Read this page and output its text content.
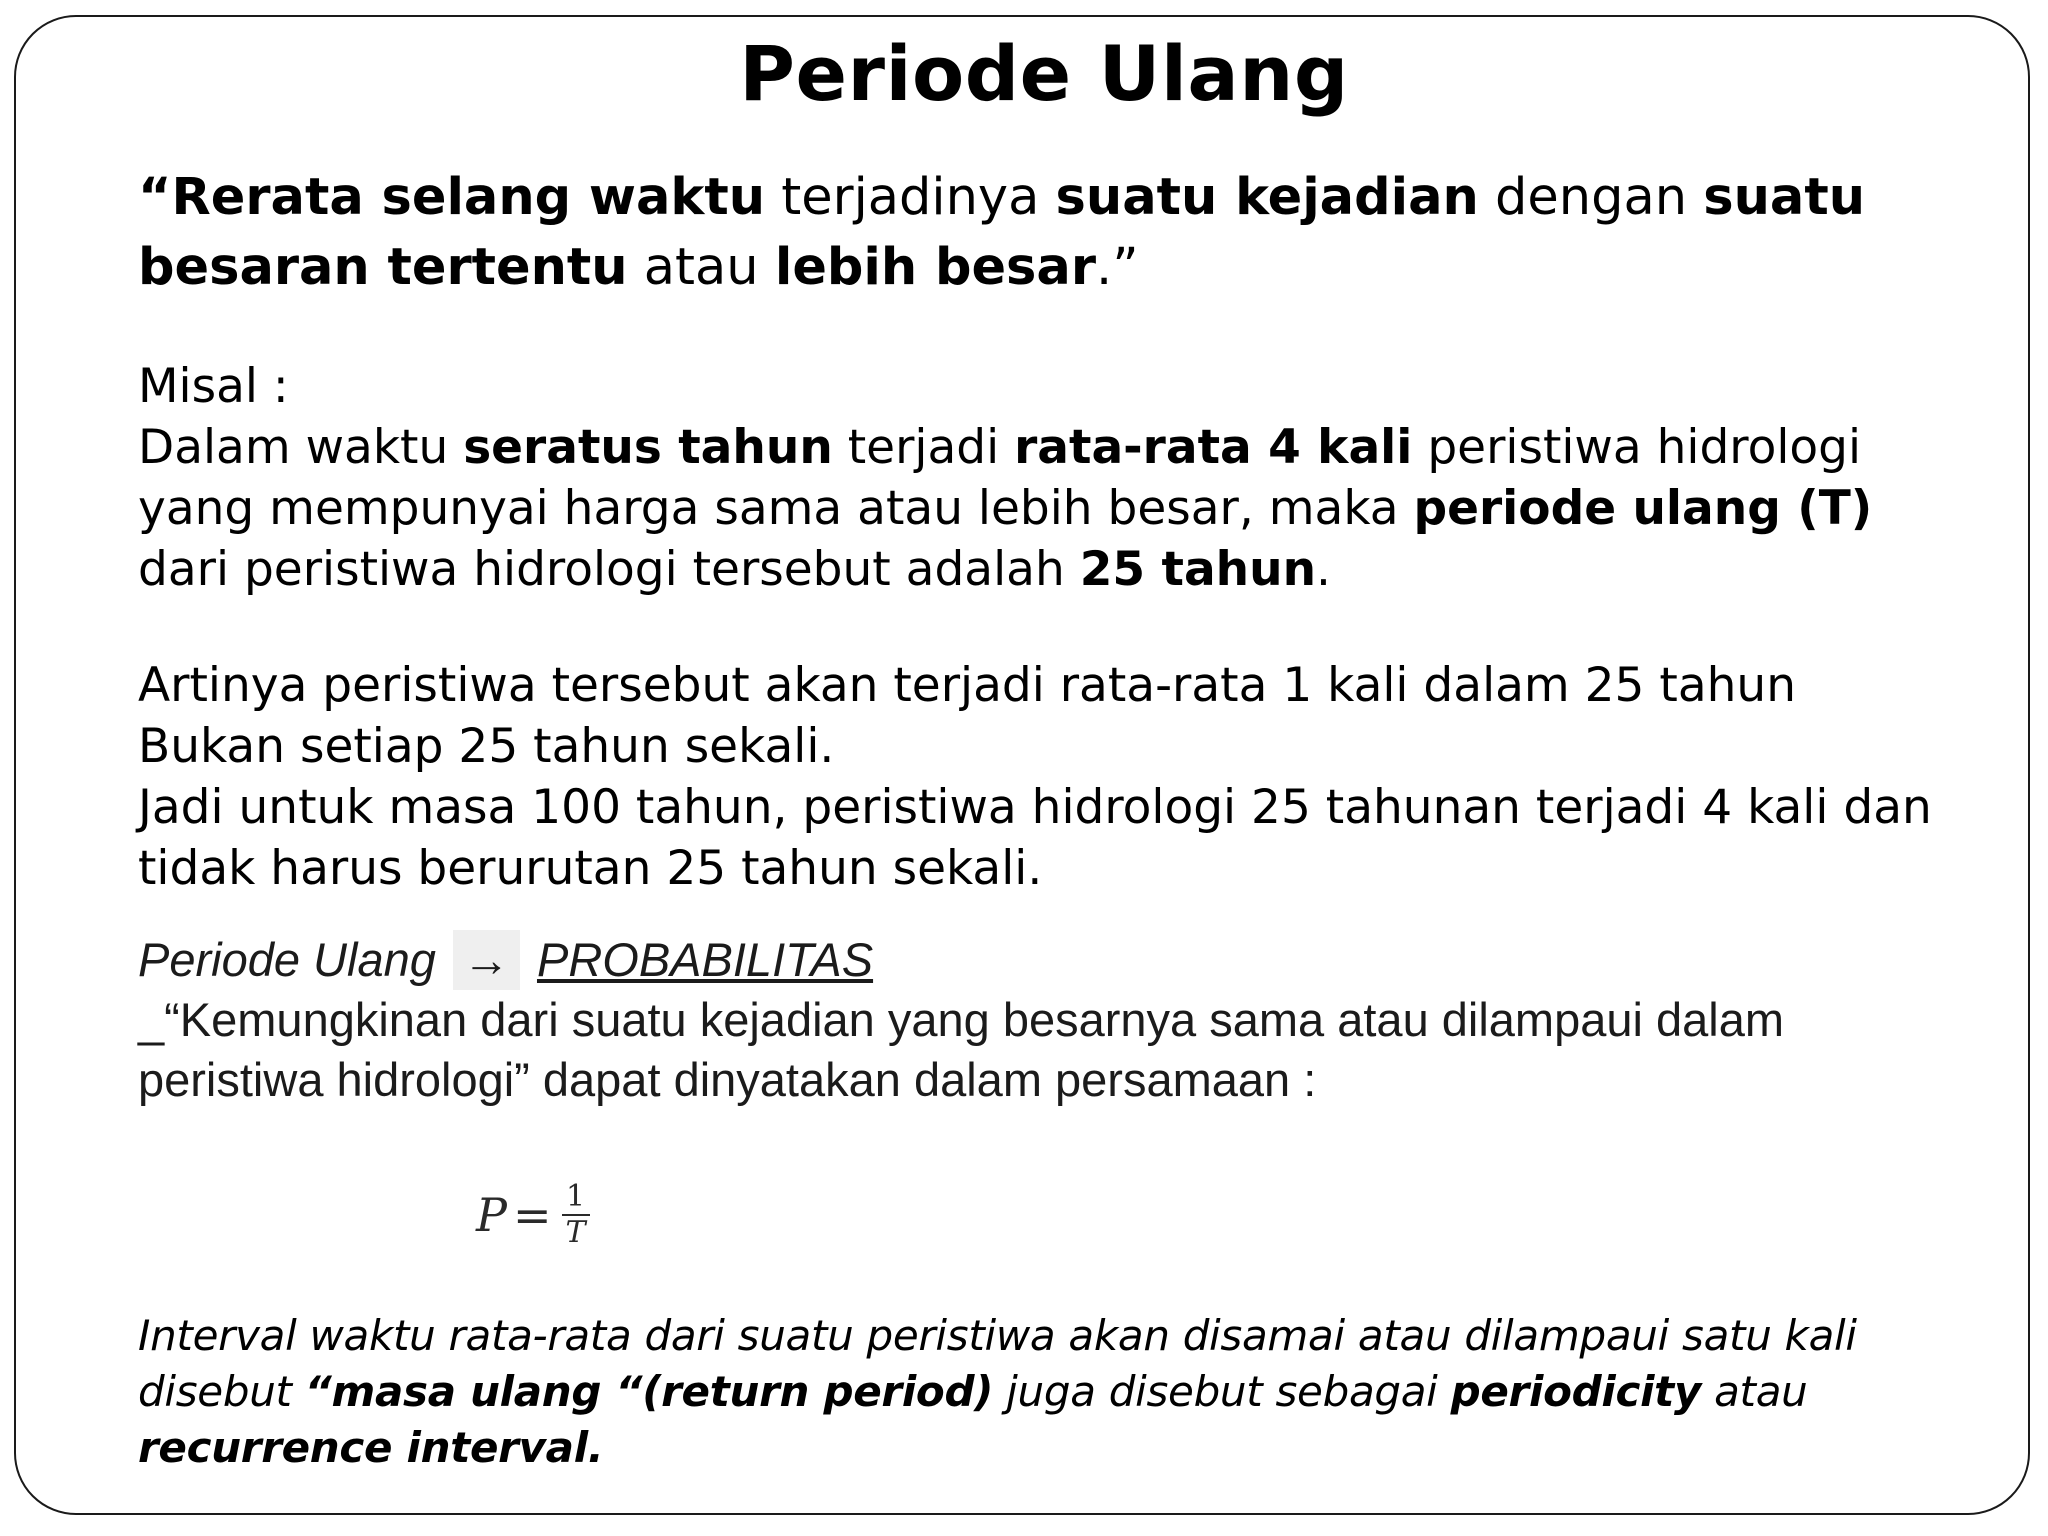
Periode Ulang
“Rerata selang waktu terjadinya suatu kejadian dengan suatu besaran tertentu atau lebih besar.”
Misal :
Dalam waktu seratus tahun terjadi rata-rata 4 kali peristiwa hidrologi yang mempunyai harga sama atau lebih besar, maka periode ulang (T) dari peristiwa hidrologi tersebut adalah 25 tahun.
Artinya peristiwa tersebut akan terjadi rata-rata 1 kali dalam 25 tahun
Bukan setiap 25 tahun sekali.
Jadi untuk masa 100 tahun, peristiwa hidrologi 25 tahunan terjadi 4 kali dan tidak harus berurutan 25 tahun sekali.
Periode Ulang → PROBABILITAS
_“Kemungkinan dari suatu kejadian yang besarnya sama atau dilampaui dalam peristiwa hidrologi” dapat dinyatakan dalam persamaan :
$P = \frac{1}{T}$
Interval waktu rata-rata dari suatu peristiwa akan disamai atau dilampaui satu kali disebut “masa ulang “(return period) juga disebut sebagai periodicity atau
recurrence interval.
